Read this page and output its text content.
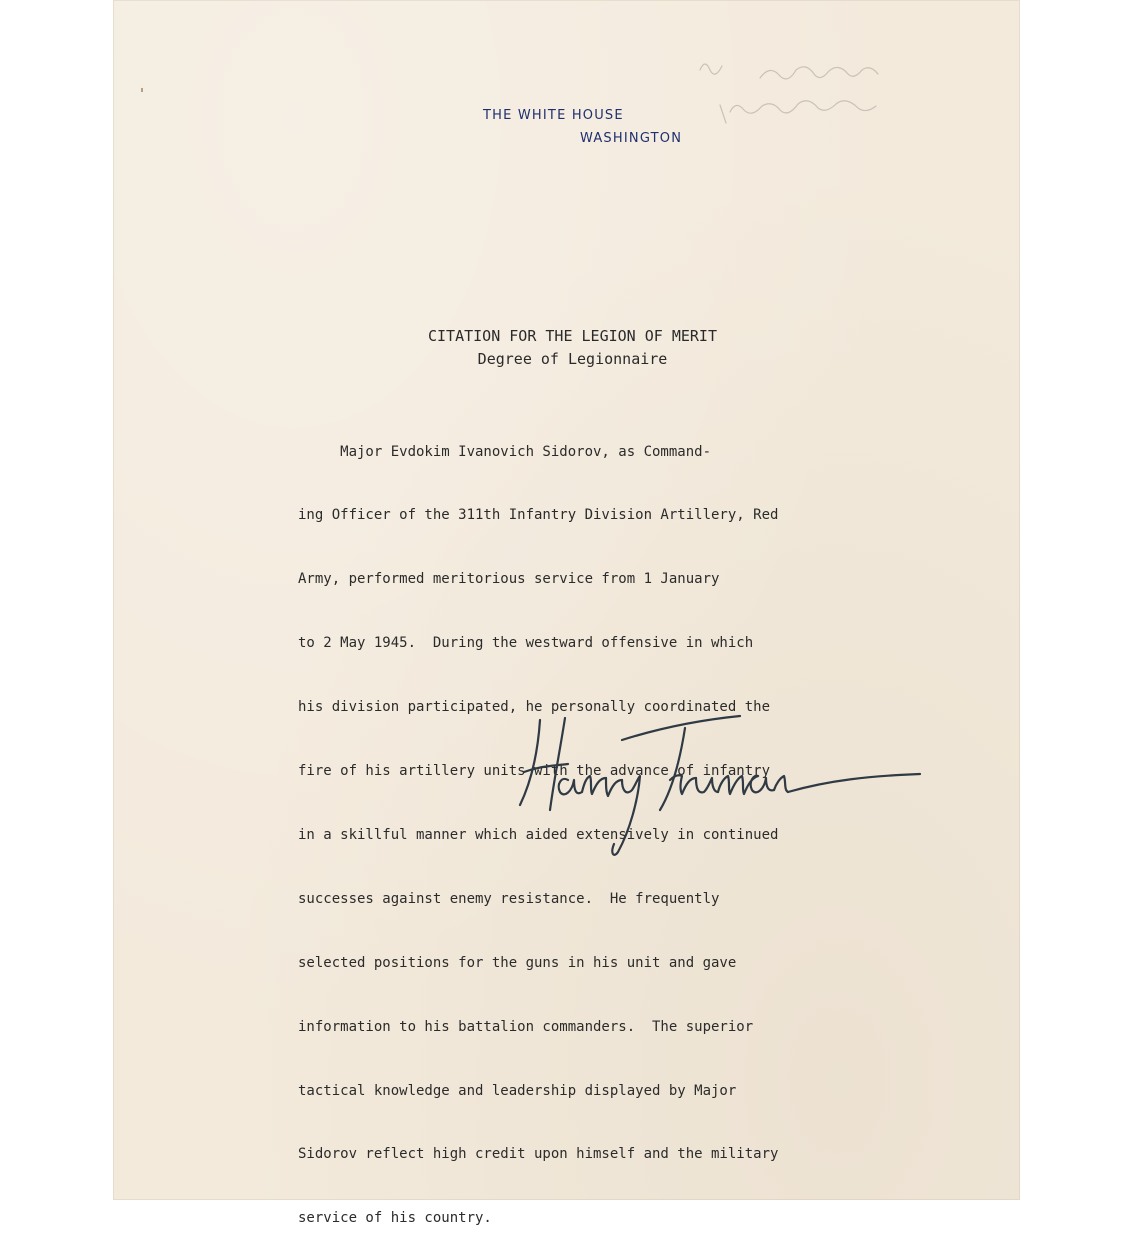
THE WHITE HOUSE
WASHINGTON
CITATION FOR THE LEGION OF MERIT
Degree of Legionnaire

Major Evdokim Ivanovich Sidorov, as Command-

ing Officer of the 311th Infantry Division Artillery, Red

Army, performed meritorious service from 1 January

to 2 May 1945.  During the westward offensive in which

his division participated, he personally coordinated the

fire of his artillery units with the advance of infantry

in a skillful manner which aided extensively in continued

successes against enemy resistance.  He frequently

selected positions for the guns in his unit and gave

information to his battalion commanders.  The superior

tactical knowledge and leadership displayed by Major

Sidorov reflect high credit upon himself and the military

service of his country.
